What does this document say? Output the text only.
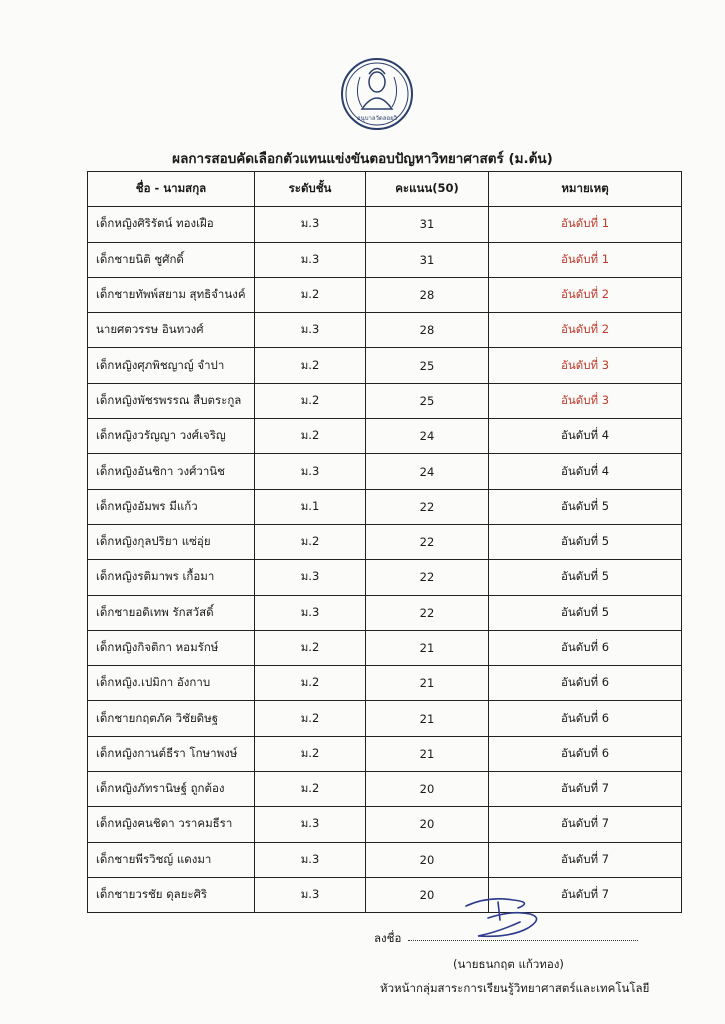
อนุบาลวัดลอยวิ
ผลการสอบคัดเลือกตัวแทนแข่งขันตอบปัญหาวิทยาศาสตร์ (ม.ต้น)
ชื่อ - นามสกุล	ระดับชั้น	คะแนน(50)	หมายเหตุ
เด็กหญิงศิริรัตน์ ทองเฝือ	ม.3	31	อันดับที่ 1
เด็กชายนิติ ชูศักดิ์	ม.3	31	อันดับที่ 1
เด็กชายทัพพ์สยาม สุทธิจำนงค์	ม.2	28	อันดับที่ 2
นายศตวรรษ อินทวงศ์	ม.3	28	อันดับที่ 2
เด็กหญิงศุภพิชญาญ์ จำปา	ม.2	25	อันดับที่ 3
เด็กหญิงพัชรพรรณ สืบตระกูล	ม.2	25	อันดับที่ 3
เด็กหญิงวรัญญา วงศ์เจริญ	ม.2	24	อันดับที่ 4
เด็กหญิงอันชิกา วงศ์วานิช	ม.3	24	อันดับที่ 4
เด็กหญิงอัมพร มีแก้ว	ม.1	22	อันดับที่ 5
เด็กหญิงกุลปริยา แซ่อุ่ย	ม.2	22	อันดับที่ 5
เด็กหญิงรติมาพร เกื้อมา	ม.3	22	อันดับที่ 5
เด็กชายอดิเทพ รักสวัสดิ์	ม.3	22	อันดับที่ 5
เด็กหญิงกิจติกา หอมรักษ์	ม.2	21	อันดับที่ 6
เด็กหญิง.เปมิกา อังกาบ	ม.2	21	อันดับที่ 6
เด็กชายกฤตภัค วิชัยดิษฐ	ม.2	21	อันดับที่ 6
เด็กหญิงกานต์ธีรา โกษาพงษ์	ม.2	21	อันดับที่ 6
เด็กหญิงภัทรานิษฐ์ ถูกต้อง	ม.2	20	อันดับที่ 7
เด็กหญิงฅนชิดา วราคมธีรา	ม.3	20	อันดับที่ 7
เด็กชายพีรวิชญ์ แดงมา	ม.3	20	อันดับที่ 7
เด็กชายวรชัย ดุลยะศิริ	ม.3	20	อันดับที่ 7
ลงชื่อ
(นายธนกฤต แก้วทอง)
หัวหน้ากลุ่มสาระการเรียนรู้วิทยาศาสตร์และเทคโนโลยี
